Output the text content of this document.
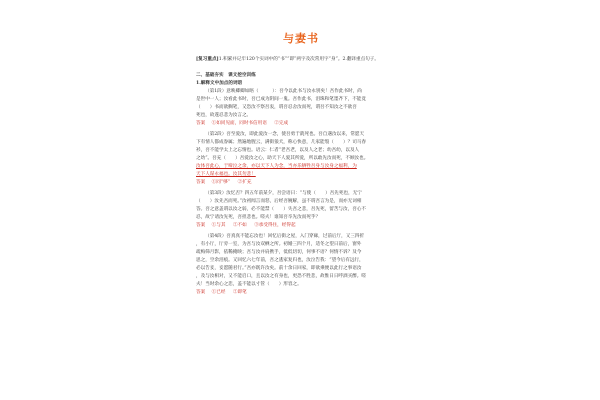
与妻书

[复习重点]1.积累并记牢120个实词中的“书”“即”两字及次常用字“身”。2.翻译重点句子。

二、基础夯实　课文挖空训练

1.解释文中加点的词语

（第1段）意映卿卿如晤（　　　）：吾今以此书与汝永别矣！吾作此书时，尚

是世中一人；汝看此书时，吾已成为阴间一鬼。吾作此书，泪珠和笔墨齐下，不能竟

（　　）书而欲搁笔，又恐汝不察吾衷，谓吾忍舍汝而死，谓吾不知汝之不欲吾

死也，故遂忍悲为汝言之。

答案 ①如同见面，同时书信用语 ②完成

（第2段）吾至爱汝，即此爱汝一念，使吾勇于就死也。吾自遇汝以来，常愿天

下有情人都成眷属；然遍地腥云，满街狼犬，称心快意，几家能彀（　　）？司马春

衫，吾不能学太上之忘情也。语云：仁者“老吾老，以及人之老；幼吾幼，以及人

之幼”。吾充（　　）吾爱汝之心，助天下人爱其所爱，所以敢先汝而死，不顾汝也。

汝体吾此心，于啼泣之余，亦以天下人为念，当亦乐牺牲吾身与汝身之福利，为

天下人谋永福也。汝其勿悲！

答案 ①同“够” ②扩充

（第3段）汝忆否？四五年前某夕，吾尝语曰：“与使（　　）吾先死也，无宁

（　　）汝先吾而死。”汝初闻言而怒，后经吾婉解，虽不谓吾言为是，而亦无词相

答。吾之意盖谓以汝之弱，必不能禁（　　）失吾之悲，吾先死，留苦与汝，吾心不

忍，故宁请汝先死，吾担悲也。嗟夫！谁知吾卒先汝而死乎？

答案 ①与其 ②不如 ③承受得住，经得起

（第4段）吾真真不能忘汝也！回忆后街之屋，入门穿廊，过前后厅，又三四折

，有小厅，厅旁一室，为吾与汝双栖之所。初婚三四个月，适冬之望日前后，窗外

疏梅筛月影，依稀掩映；吾与汝并肩携手，低低切切，何事不语？何情不诉？及今

思之，空余泪痕。又回忆六七年前，吾之逃家复归也，汝泣告我：“望今后有远行，

必以告妾，妾愿随君行。”吾亦既许汝矣。前十余日回家，即欲乘便以此行之事语汝

，及与汝相对，又不能启口，且以汝之有身也，更恐不胜悲，故惟日日呼酒买醉。嗟

夫！当时余心之悲，盖不能以寸管（　　）形容之。

答案 ①已经 ②即笔
